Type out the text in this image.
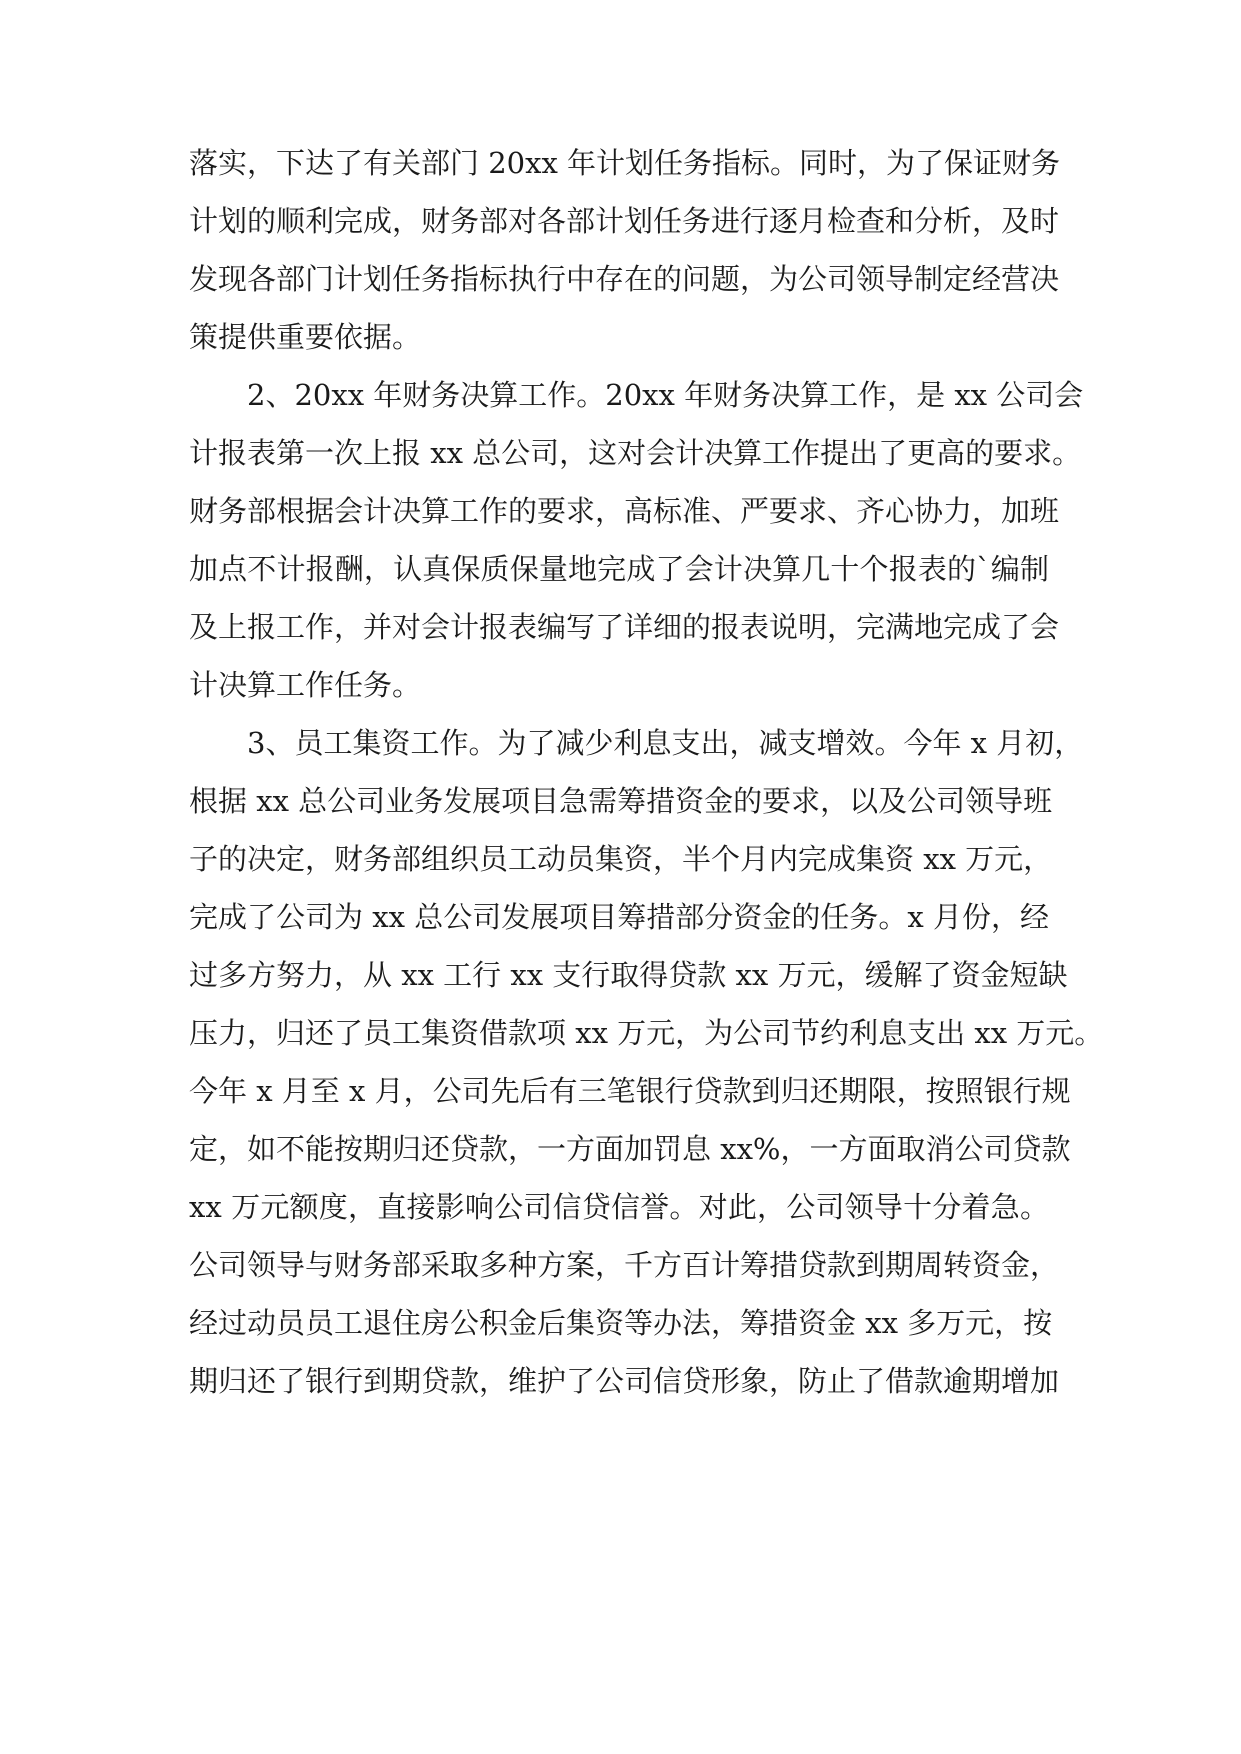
落实，下达了有关部门 20xx 年计划任务指标。同时，为了保证财务
计划的顺利完成，财务部对各部计划任务进行逐月检查和分析，及时
发现各部门计划任务指标执行中存在的问题，为公司领导制定经营决
策提供重要依据。
2、20xx 年财务决算工作。20xx 年财务决算工作，是 xx 公司会
计报表第一次上报 xx 总公司，这对会计决算工作提出了更高的要求。
财务部根据会计决算工作的要求，高标准、严要求、齐心协力，加班
加点不计报酬，认真保质保量地完成了会计决算几十个报表的`编制
及上报工作，并对会计报表编写了详细的报表说明，完满地完成了会
计决算工作任务。
3、员工集资工作。为了减少利息支出，减支增效。今年 x 月初，
根据 xx 总公司业务发展项目急需筹措资金的要求，以及公司领导班
子的决定，财务部组织员工动员集资，半个月内完成集资 xx 万元，
完成了公司为 xx 总公司发展项目筹措部分资金的任务。x 月份，经
过多方努力，从 xx 工行 xx 支行取得贷款 xx 万元，缓解了资金短缺
压力，归还了员工集资借款项 xx 万元，为公司节约利息支出 xx 万元。
今年 x 月至 x 月，公司先后有三笔银行贷款到归还期限，按照银行规
定，如不能按期归还贷款，一方面加罚息 xx%，一方面取消公司贷款
xx 万元额度，直接影响公司信贷信誉。对此，公司领导十分着急。
公司领导与财务部采取多种方案，千方百计筹措贷款到期周转资金，
经过动员员工退住房公积金后集资等办法，筹措资金 xx 多万元，按
期归还了银行到期贷款，维护了公司信贷形象，防止了借款逾期增加
